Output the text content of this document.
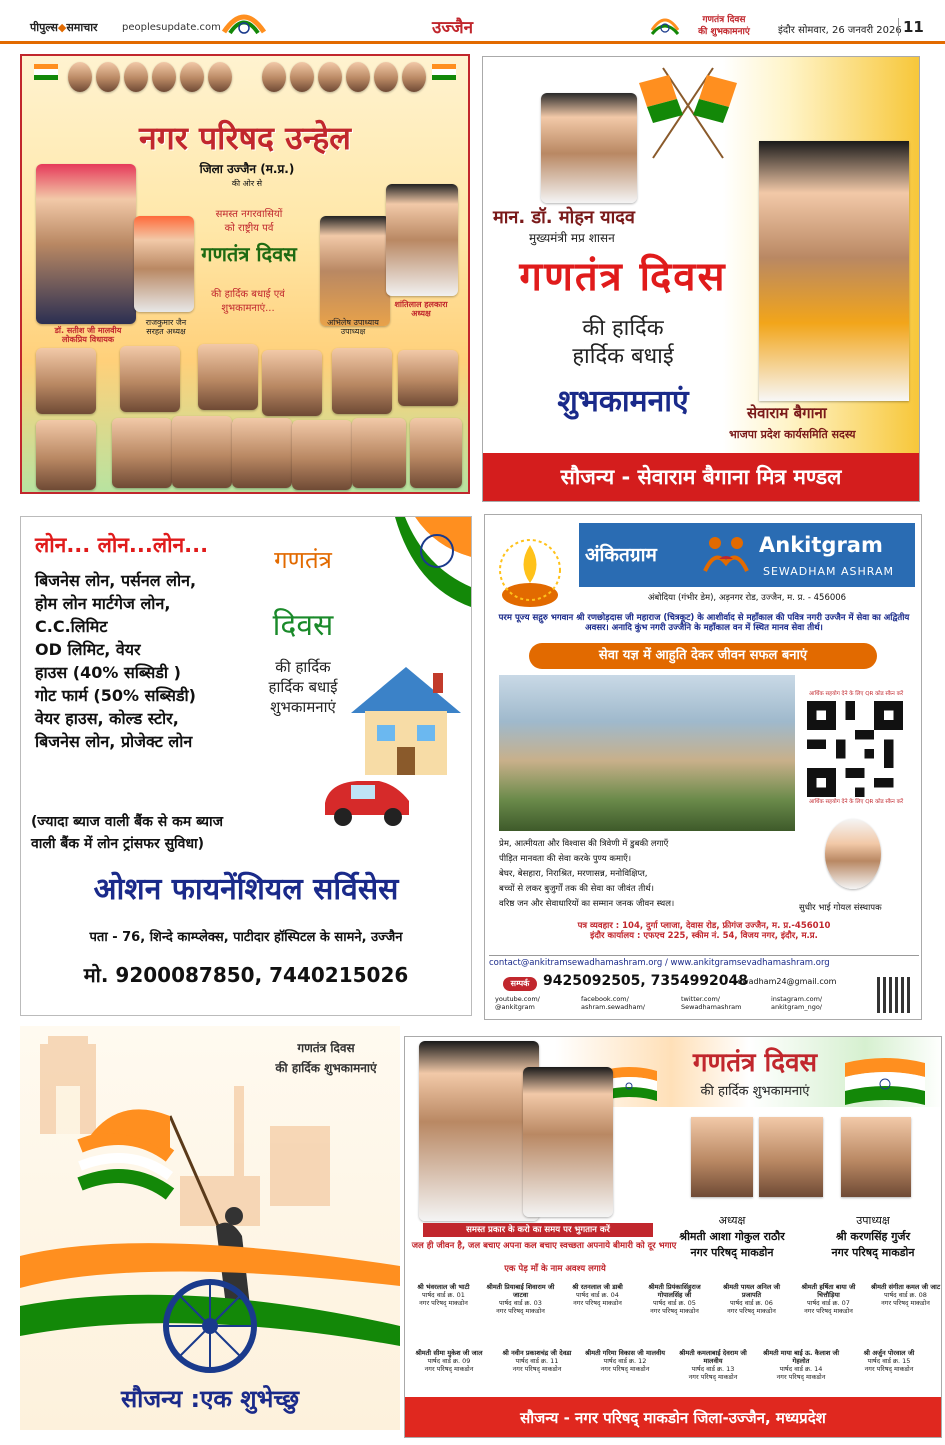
पीपुल्स◆समाचार peoplesupdate.com	उज्जैन	गणतंत्र दिवस
की शुभकामनाएं	इंदौर सोमवार, 26 जनवरी 2026 11
नगर परिषद उन्हेल
जिला उज्जैन (म.प्र.)
की ओर से
समस्त नगरवासियों
को राष्ट्रीय पर्व
गणतंत्र दिवस
की हार्दिक बधाई एवं
शुभकामनाएं...
डॉ. सतीश जी मालवीय
लोकप्रिय विधायक
राजकुमार जैन
सरहत अध्यक्ष
अभिलेष उपाध्याय
उपाध्यक्ष
शांतिलाल हलकारा
अध्यक्ष
मान. डॉ. मोहन यादव
मुख्यमंत्री मप्र शासन
गणतंत्र दिवस
की हार्दिक
हार्दिक बधाई
शुभकामनाएं	सेवाराम बैगाना
भाजपा प्रदेश कार्यसमिति सदस्य
सौजन्य - सेवाराम बैगाना मित्र मण्डल
लोन... लोन...लोन...
बिजनेस लोन, पर्सनल लोन,
होम लोन मार्टगेज लोन,
C.C.लिमिट
OD लिमिट, वेयर
हाउस (40% सब्सिडी )
गोट फार्म (50% सब्सिडी)
वेयर हाउस, कोल्ड स्टोर,
बिजनेस लोन, प्रोजेक्ट लोन
(ज्यादा ब्याज वाली बैंक से कम ब्याज
वाली बैंक में लोन ट्रांसफर सुविधा)
गणतंत्र
दिवस
की हार्दिक
हार्दिक बधाई
शुभकामनाएं
ओशन फायनेंशियल सर्विसेस
पता - 76, शिन्दे काम्प्लेक्स, पाटीदार हॉस्पिटल के सामने, उज्जैन
मो. 9200087850, 7440215026
अंकितग्राम	Ankitgram
SEWADHAM ASHRAM
अंबोदिया (गंभीर डेम), अड़नगर रोड, उज्जैन, म. प्र. - 456006
परम पूज्य सद्गुरु भगवान श्री रणछोड़दास जी महाराज (चित्रकूट) के आशीर्वाद से महाँकाल की पवित्र नगरी उज्जैन में सेवा का अद्वितीय अवसर। अनादि कुंभ नगरी उज्जैनि के महाँकाल वन में स्थित मानव सेवा तीर्थ।
सेवा यज्ञ में आहुति देकर जीवन सफल बनाएं
आर्थिक सहयोग देने के लिए QR कोड स्कैन करें
आर्थिक सहयोग देने के लिए QR कोड स्कैन करें
प्रेम, आत्मीयता और विश्वास की त्रिवेणी में डुबकी लगाएँ
पीड़ित मानवता की सेवा करके पुण्य कमाएँ।
बेघर, बेसहारा, निराश्रित, मरणासन्न, मनोविक्षिप्त,
बच्चों से लकर बुजुर्गों तक की सेवा का जीवंत तीर्थ।
वरिष्ठ जन और सेवाधारियों का सम्मान जनक जीवन स्थल।	सुधीर भाई गोयल संस्थापक
पत्र व्यवहार : 104, दुर्गा प्लाजा, देवास रोड, फ्रीगंज उज्जैन, म. प्र.-456010
इंदौर कार्यालय : एफएच 225, स्कीम नं. 54, विजय नगर, इंदौर, म.प्र.
contact@ankitramsewadhamashram.org / www.ankitgramsevadhamashram.org
सम्पर्क 9425092505, 7354992048
sewadham24@gmail.com
youtube.com/ @ankitgram
facebook.com/ ashram.sewadham/
twitter.com/ Sewadhamashram
instagram.com/ ankitgram_ngo/
गणतंत्र दिवस
की हार्दिक शुभकामनाएं
सौजन्य :एक शुभेच्छु
गणतंत्र दिवस
की हार्दिक शुभकामनाएं
समस्त प्रकार के करो का समय पर भुगतान करें
जल ही जीवन है, जल बचाए अपना कल बचाए स्वच्छता अपनाये बीमारी को दूर भगाए
एक पेड़ माँ के नाम अवश्य लगाये
अध्यक्ष
श्रीमती आशा गोकुल राठौर
नगर परिषद् माकडोन
उपाध्यक्ष
श्री करणसिंह गुर्जर
नगर परिषद् माकडोन
श्री भंवरलाल जी भाटी
पार्षद वार्ड क्र. 01
नगर परिषद् माकडोन
श्रीमती प्रियाबाई शिवाराम जी जाटवा
पार्षद वार्ड क्र. 03
नगर परिषद् माकडोन
श्री रतनलाल जी डाबी
पार्षद वार्ड क्र. 04
नगर परिषद् माकडोन
श्रीमती प्रियंकासिंहुराज गोपालसिंह जी
पार्षद वार्ड क्र. 05
नगर परिषद् माकडोन
श्रीमती पायल अनिल जी प्रजापति
पार्षद वार्ड क्र. 06
नगर परिषद् माकडोन
श्रीमती हर्षिता बाया जी चित्तौड़िया
पार्षद वार्ड क्र. 07
नगर परिषद् माकडोन
श्रीमती संगीता कमल जी जाट
पार्षद वार्ड क्र. 08
नगर परिषद् माकडोन
श्रीमती सीमा मुकेश जी जाल
पार्षद वार्ड क्र. 09
नगर परिषद् माकडोन
श्री नवीन प्रकाशचंद्र जी देवडा
पार्षद वार्ड क्र. 11
नगर परिषद् माकडोन
श्रीमती गरिमा विकास जी मालवीय
पार्षद वार्ड क्र. 12
नगर परिषद् माकडोन
श्रीमती कमलाबाई देवराम जी मालवीय
पार्षद वार्ड क्र. 13
नगर परिषद् माकडोन
श्रीमती माया बाई ऊ. कैलाश जी गेहलोत
पार्षद वार्ड क्र. 14
नगर परिषद् माकडोन
श्री अर्जुन पोरवाल जी
पार्षद वार्ड क्र. 15
नगर परिषद् माकडोन
सौजन्य - नगर परिषद् माकडोन जिला-उज्जैन, मध्यप्रदेश
